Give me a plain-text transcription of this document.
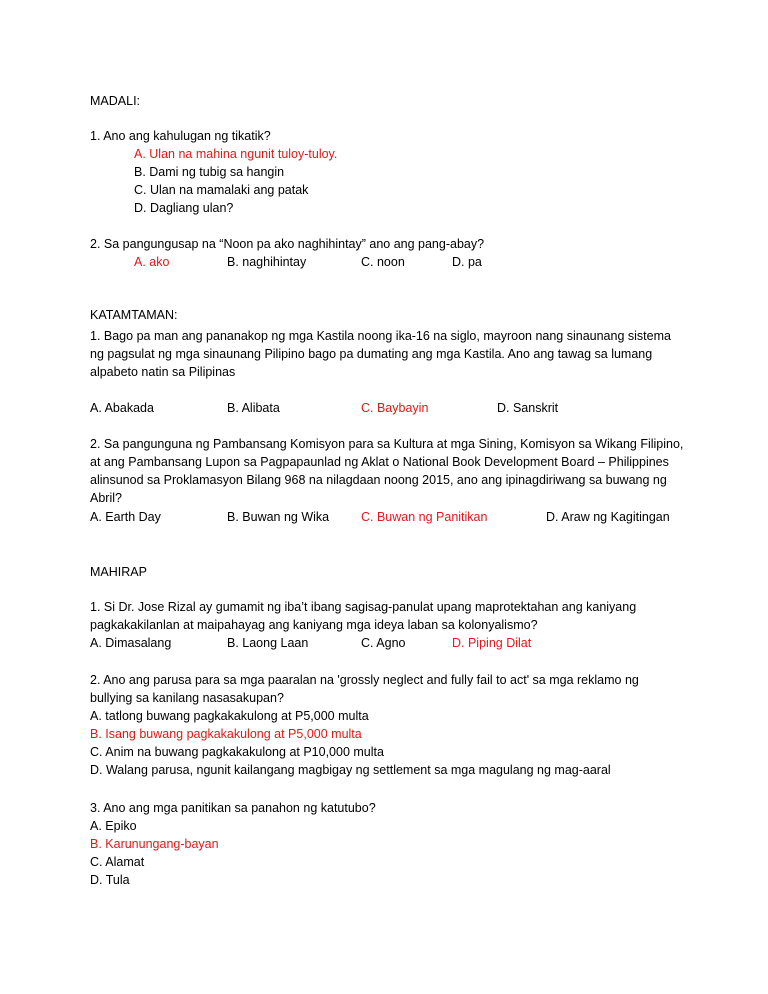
MADALI:
1. Ano ang kahulugan ng tikatik?
A. Ulan na mahina ngunit tuloy-tuloy.
B. Dami ng tubig sa hangin
C. Ulan na mamalaki ang patak
D. Dagliang ulan?
2. Sa pangungusap na “Noon pa ako naghihintay” ano ang pang-abay?
A. ako	B. naghihintay	C. noon	D. pa
KATAMTAMAN:
1. Bago pa man ang pananakop ng mga Kastila noong ika-16 na siglo, mayroon nang sinaunang sistema
ng pagsulat ng mga sinaunang Pilipino bago pa dumating ang mga Kastila. Ano ang tawag sa lumang
alpabeto natin sa Pilipinas
A. Abakada	B. Alibata	C. Baybayin	D. Sanskrit
2. Sa pangunguna ng Pambansang Komisyon para sa Kultura at mga Sining, Komisyon sa Wikang Filipino,
at ang Pambansang Lupon sa Pagpapaunlad ng Aklat o National Book Development Board – Philippines
alinsunod sa Proklamasyon Bilang 968 na nilagdaan noong 2015, ano ang ipinagdiriwang sa buwang ng
Abril?
A. Earth Day	B. Buwan ng Wika	C. Buwan ng Panitikan	D. Araw ng Kagitingan
MAHIRAP
1. Si Dr. Jose Rizal ay gumamit ng iba’t ibang sagisag-panulat upang maprotektahan ang kaniyang
pagkakakilanlan at maipahayag ang kaniyang mga ideya laban sa kolonyalismo?
A. Dimasalang	B. Laong Laan	C. Agno	D. Piping Dilat
2. Ano ang parusa para sa mga paaralan na 'grossly neglect and fully fail to act' sa mga reklamo ng
bullying sa kanilang nasasakupan?
A. tatlong buwang pagkakakulong at P5,000 multa
B. Isang buwang pagkakakulong at P5,000 multa
C. Anim na buwang pagkakakulong at P10,000 multa
D. Walang parusa, ngunit kailangang magbigay ng settlement sa mga magulang ng mag-aaral
3. Ano ang mga panitikan sa panahon ng katutubo?
A. Epiko
B. Karunungang-bayan
C. Alamat
D. Tula
